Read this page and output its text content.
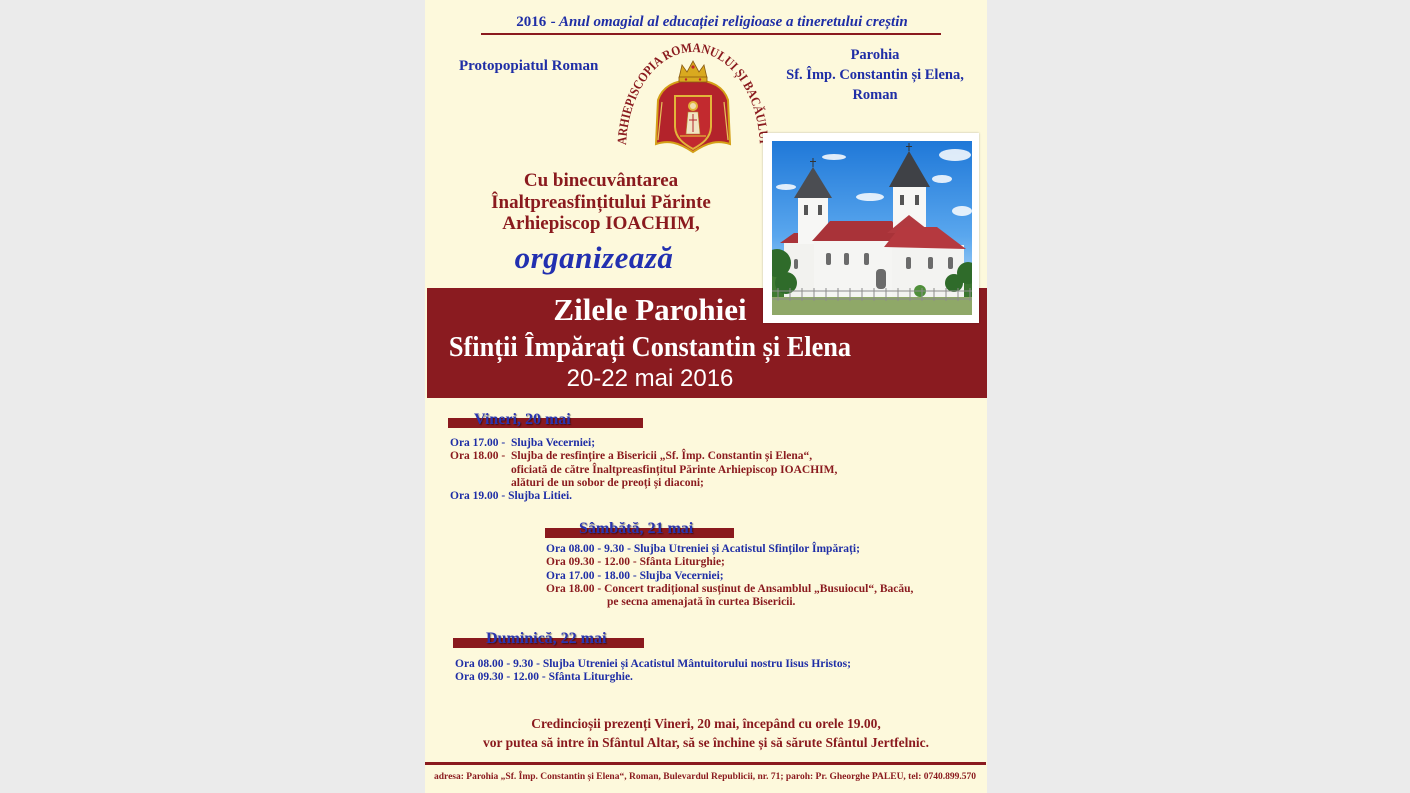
2016 - Anul omagial al educației religioase a tineretului creștin
Protopopiatul Roman
ARHIEPISCOPIA ROMANULUI ȘI BACĂUL
Parohia
Sf. Împ. Constantin și Elena,
Roman
Cu binecuvântarea
Înaltpreasfințitului Părinte
Arhiepiscop IOACHIM,
organizează
Zilele Parohiei
Sfinții Împărați Constantin și Elena
20-22 mai 2016
Vineri, 20 mai
Ora 17.00 -  Slujba Vecerniei;
Ora 18.00 -  Slujba de resfințire a Bisericii „Sf. Împ. Constantin și Elena“,
oficiată de către Înaltpreasfințitul Părinte Arhiepiscop IOACHIM,
alături de un sobor de preoți și diaconi;
Ora 19.00 - Slujba Litiei.
Sâmbătă, 21 mai
Ora 08.00 - 9.30 - Slujba Utreniei și Acatistul Sfinților Împărați;
Ora 09.30 - 12.00 - Sfânta Liturghie;
Ora 17.00 - 18.00 - Slujba Vecerniei;
Ora 18.00 - Concert tradițional susținut de Ansamblul „Busuiocul“, Bacău,
pe secna amenajată în curtea Bisericii.
Duminică, 22 mai
Ora 08.00 - 9.30 - Slujba Utreniei și Acatistul Mântuitorului nostru Iisus Hristos;
Ora 09.30 - 12.00 - Sfânta Liturghie.
Credincioșii prezenți Vineri, 20 mai, începând cu orele 19.00,
vor putea să intre în Sfântul Altar, să se închine și să sărute Sfântul Jertfelnic.
adresa: Parohia „Sf. Împ. Constantin și Elena“, Roman, Bulevardul Republicii, nr. 71; paroh: Pr. Gheorghe PALEU, tel: 0740.899.570
